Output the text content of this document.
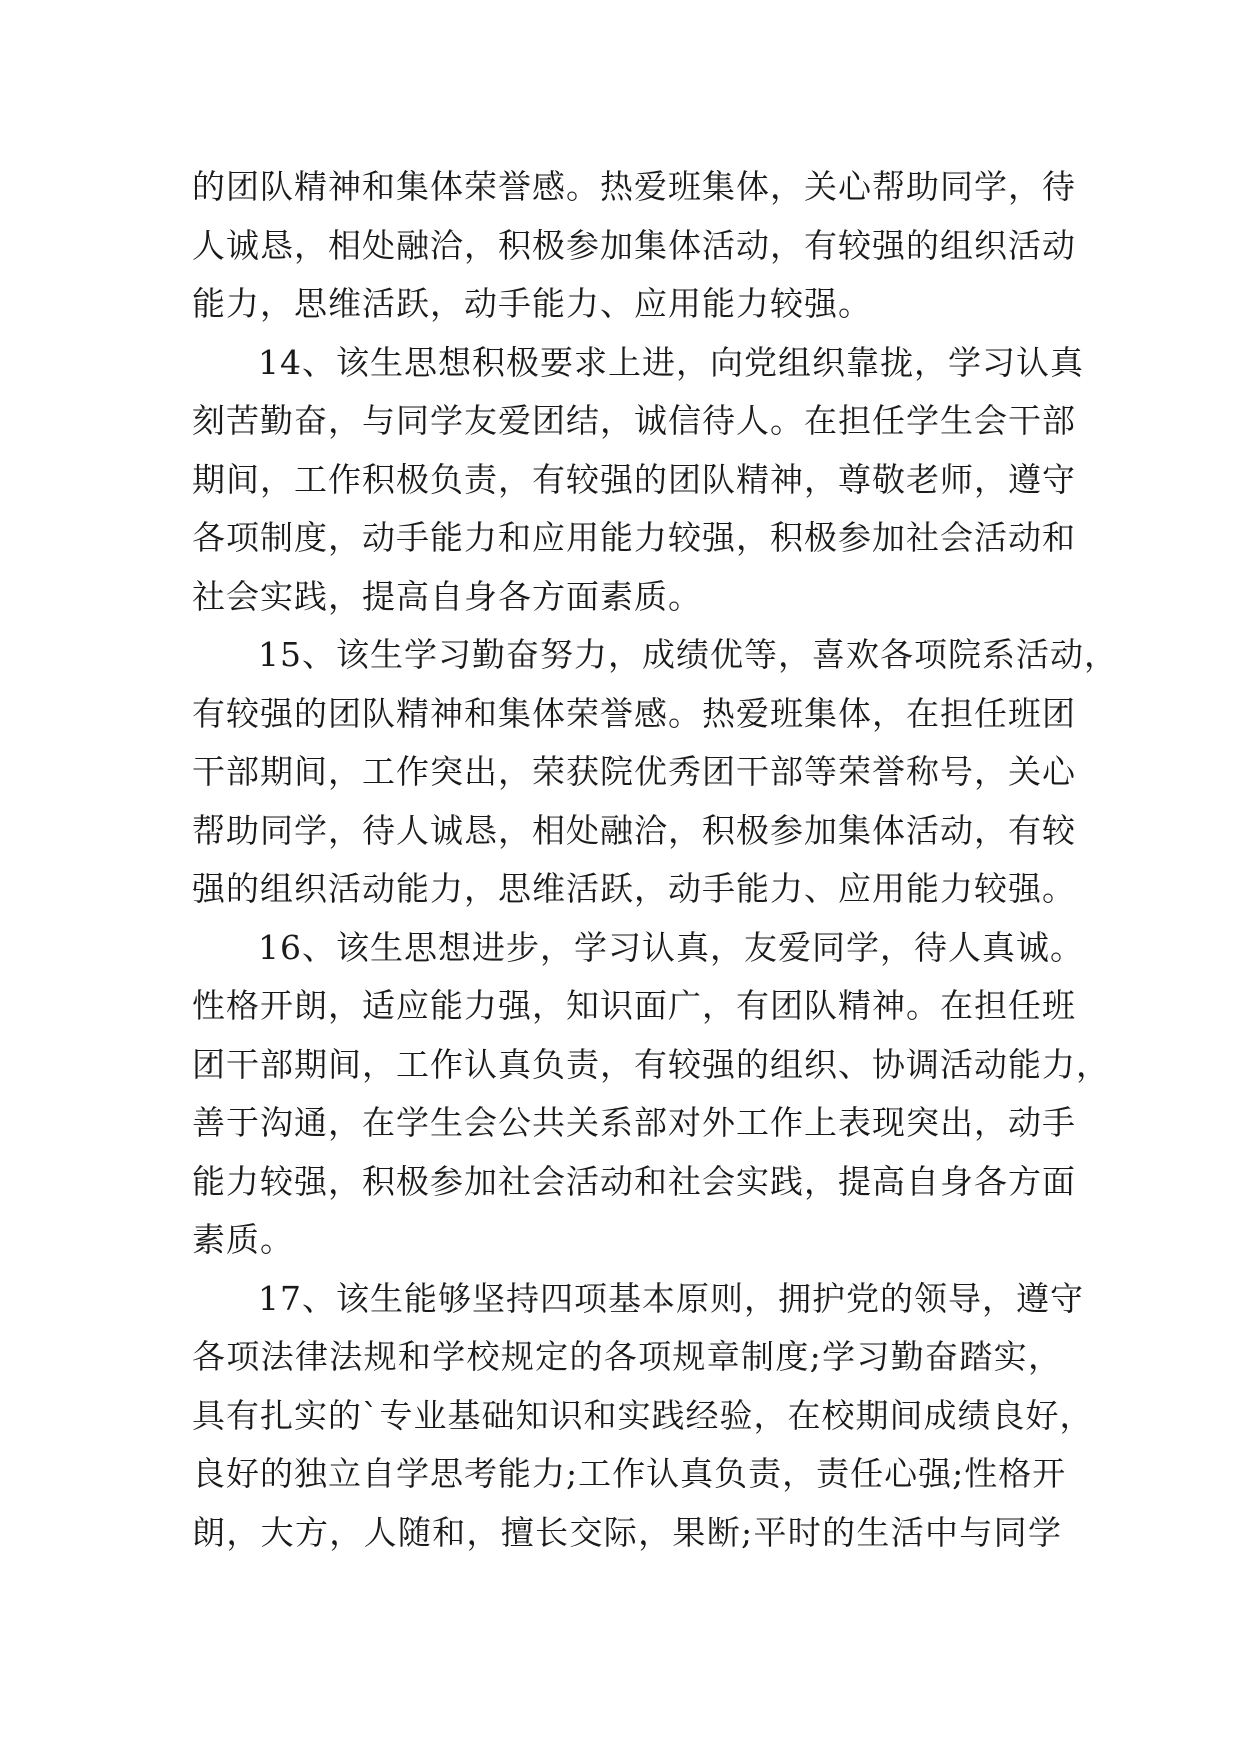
的团队精神和集体荣誉感。热爱班集体，关心帮助同学，待
人诚恳，相处融洽，积极参加集体活动，有较强的组织活动
能力，思维活跃，动手能力、应用能力较强。
14、该生思想积极要求上进，向党组织靠拢，学习认真
刻苦勤奋，与同学友爱团结，诚信待人。在担任学生会干部
期间，工作积极负责，有较强的团队精神，尊敬老师，遵守
各项制度，动手能力和应用能力较强，积极参加社会活动和
社会实践，提高自身各方面素质。
15、该生学习勤奋努力，成绩优等，喜欢各项院系活动，
有较强的团队精神和集体荣誉感。热爱班集体，在担任班团
干部期间，工作突出，荣获院优秀团干部等荣誉称号，关心
帮助同学，待人诚恳，相处融洽，积极参加集体活动，有较
强的组织活动能力，思维活跃，动手能力、应用能力较强。
16、该生思想进步，学习认真，友爱同学，待人真诚。
性格开朗，适应能力强，知识面广，有团队精神。在担任班
团干部期间，工作认真负责，有较强的组织、协调活动能力，
善于沟通，在学生会公共关系部对外工作上表现突出，动手
能力较强，积极参加社会活动和社会实践，提高自身各方面
素质。
17、该生能够坚持四项基本原则，拥护党的领导，遵守
各项法律法规和学校规定的各项规章制度;学习勤奋踏实，
具有扎实的`专业基础知识和实践经验，在校期间成绩良好，
良好的独立自学思考能力;工作认真负责，责任心强;性格开
朗，大方，人随和，擅长交际，果断;平时的生活中与同学
